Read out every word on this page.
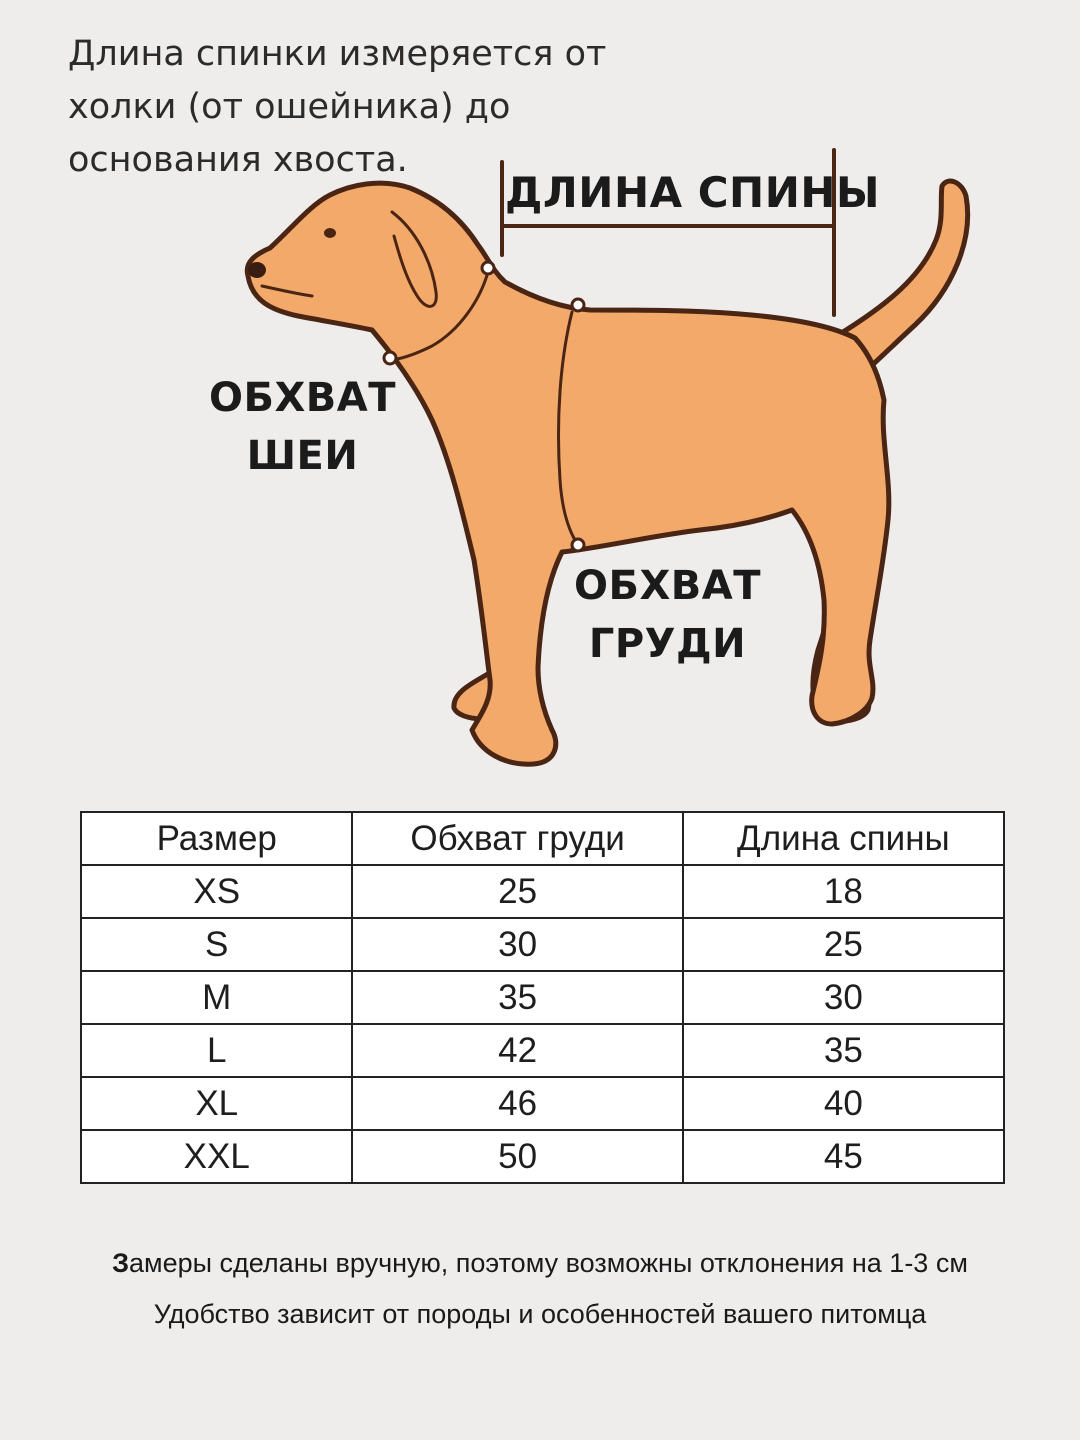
Длина спинки измеряется от
холки (от ошейника) до
основания хвоста.
ДЛИНА СПИНЫ
ОБХВАТ
ШЕИ
ОБХВАТ
ГРУДИ
Размер	Обхват груди	Длина спины
XS	25	18
S	30	25
M	35	30
L	42	35
XL	46	40
XXL	50	45
Замеры сделаны вручную, поэтому возможны отклонения на 1-3 см
Удобство зависит от породы и особенностей вашего питомца
